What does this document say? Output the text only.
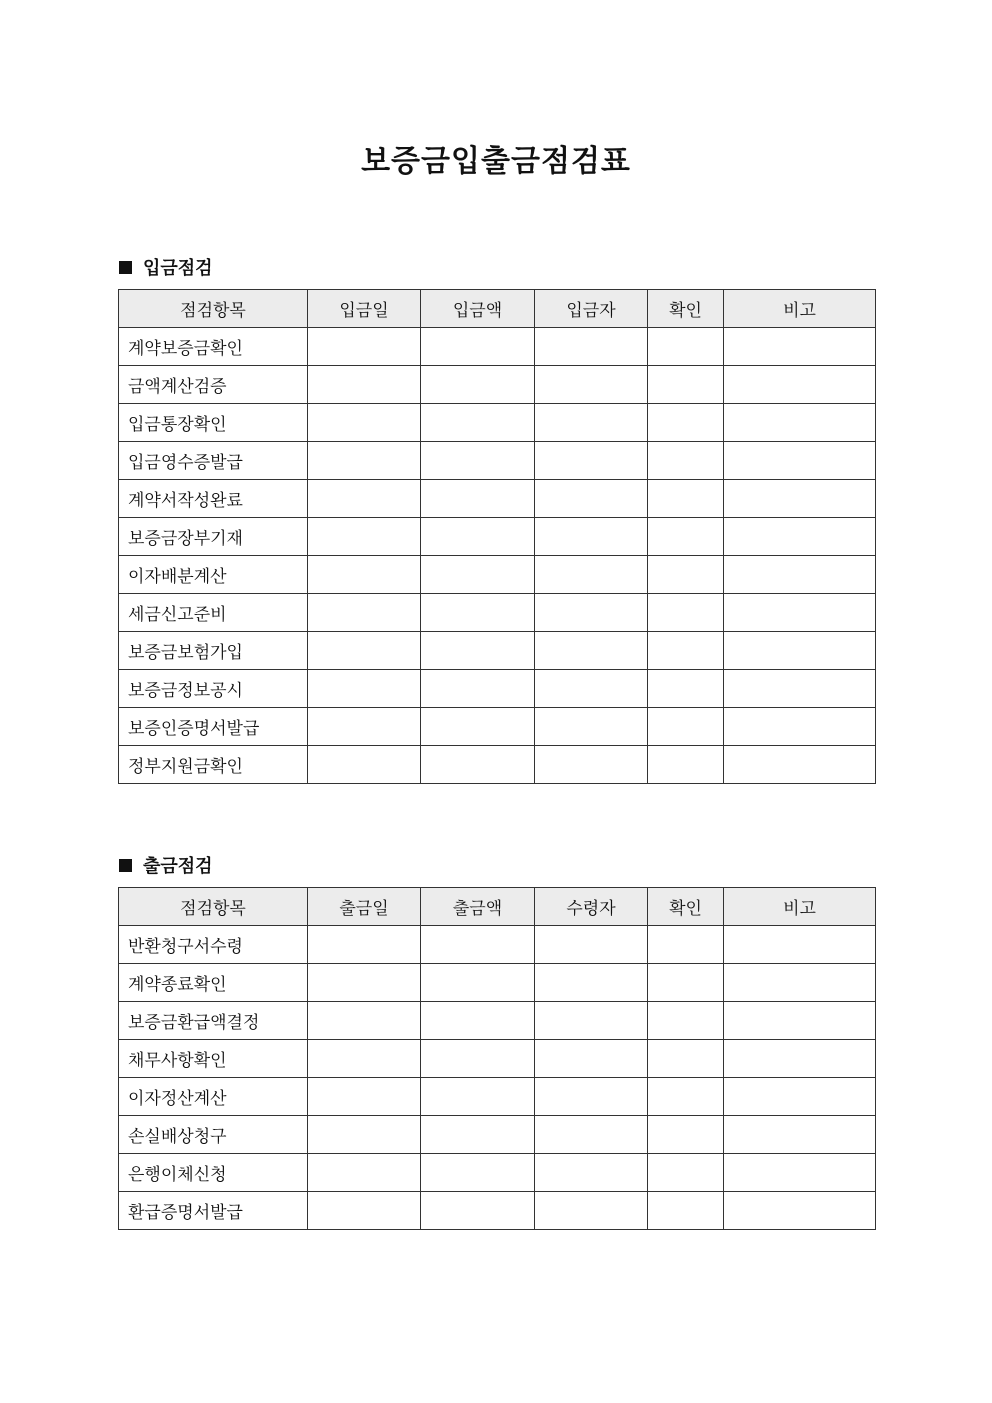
보증금입출금점검표
입금점검
점검항목	입금일	입금액	입금자	확인	비고
계약보증금확인					
금액계산검증					
입금통장확인					
입금영수증발급					
계약서작성완료					
보증금장부기재					
이자배분계산					
세금신고준비					
보증금보험가입					
보증금정보공시					
보증인증명서발급					
정부지원금확인					
출금점검
점검항목	출금일	출금액	수령자	확인	비고
반환청구서수령					
계약종료확인					
보증금환급액결정					
채무사항확인					
이자정산계산					
손실배상청구					
은행이체신청					
환급증명서발급					
